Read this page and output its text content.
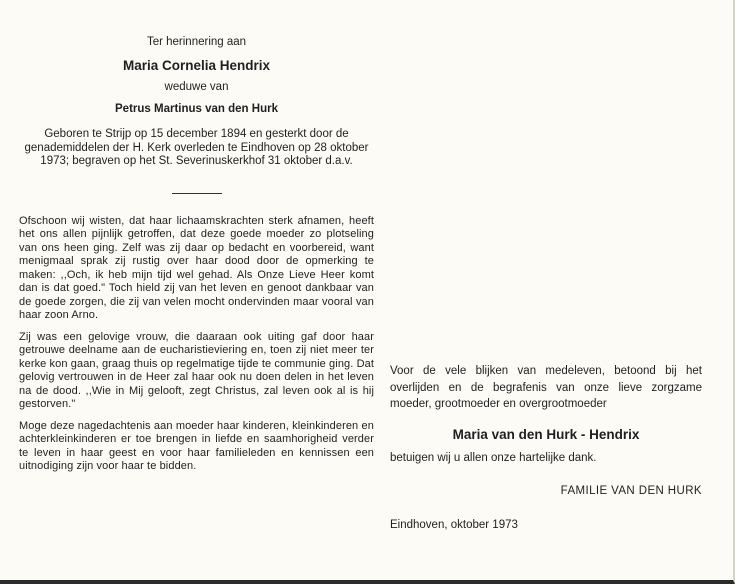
Ter herinnering aan
Maria Cornelia Hendrix
weduwe van
Petrus Martinus van den Hurk
Geboren te Strijp op 15 december 1894 en gesterkt door de genademiddelen der H. Kerk overleden te Eindhoven op 28 oktober 1973; begraven op het St. Severinuskerkhof 31 oktober d.a.v.

Ofschoon wij wisten, dat haar lichaamskrachten sterk afnamen, heeft het ons allen pijnlijk getroffen, dat deze goede moeder zo plotseling van ons heen ging. Zelf was zij daar op bedacht en voorbereid, want menigmaal sprak zij rustig over haar dood door de opmerking te maken: ,,Och, ik heb mijn tijd wel gehad. Als Onze Lieve Heer komt dan is dat goed." Toch hield zij van het leven en genoot dankbaar van de goede zorgen, die zij van velen mocht ondervinden maar vooral van haar zoon Arno.

Zij was een gelovige vrouw, die daaraan ook uiting gaf door haar getrouwe deelname aan de eucharistieviering en, toen zij niet meer ter kerke kon gaan, graag thuis op regelmatige tijde te communie ging. Dat gelovig vertrouwen in de Heer zal haar ook nu doen delen in het leven na de dood. ,,Wie in Mij gelooft, zegt Christus, zal leven ook al is hij gestorven."

Moge deze nagedachtenis aan moeder haar kinderen, kleinkinderen en achterkleinkinderen er toe brengen in liefde en saamhorigheid verder te leven in haar geest en voor haar familieleden en kennissen een uitnodiging zijn voor haar te bidden.

Voor de vele blijken van medeleven, betoond bij het overlijden en de begrafenis van onze lieve zorgzame moeder, grootmoeder en overgrootmoeder
Maria van den Hurk - Hendrix
betuigen wij u allen onze hartelijke dank.
FAMILIE VAN DEN HURK
Eindhoven, oktober 1973
